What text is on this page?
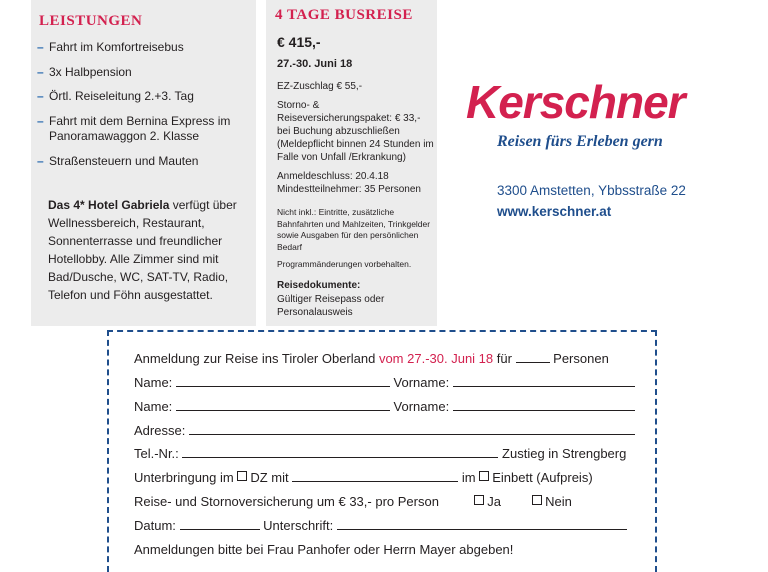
LEISTUNGEN
– Fahrt im Komfortreisebus
– 3x Halbpension
– Örtl. Reiseleitung 2.+3. Tag
– Fahrt mit dem Bernina Express im Panoramawaggon 2. Klasse
– Straßensteuern und Mauten

Das 4* Hotel Gabriela verfügt über Wellnessbereich, Restaurant, Sonnenterrasse und freundlicher Hotellobby. Alle Zimmer sind mit Bad/Dusche, WC, SAT-TV, Radio, Telefon und Föhn ausgestattet.

4 TAGE BUSREISE

€ 415,-

27.-30. Juni 18

EZ-Zuschlag € 55,-

Storno- & Reiseversicherungspaket: € 33,- bei Buchung abzuschließen (Meldepflicht binnen 24 Stunden im Falle von Unfall /Erkrankung)

Anmeldeschluss: 20.4.18
Mindestteilnehmer: 35 Personen

Nicht inkl.: Eintritte, zusätzliche Bahnfahrten und Mahlzeiten, Trinkgelder sowie Ausgaben für den persönlichen Bedarf

Programmänderungen vorbehalten.

Reisedokumente:

Gültiger Reisepass oder Personalausweis

Kerschner

Reisen fürs Erleben gern

3300 Amstetten, Ybbsstraße 22

www.kerschner.at

Anmeldung zur Reise ins Tiroler Oberland vom 27.-30. Juni 18 für	Personen

Name:	Vorname:

Name:	Vorname:

Adresse:

Tel.-Nr.:	Zustieg in Strengberg

Unterbringung im DZ mit	im Einbett (Aufpreis)

Reise- und Stornoversicherung um € 33,- pro Person	Ja	Nein

Datum:	Unterschrift:

Anmeldungen bitte bei Frau Panhofer oder Herrn Mayer abgeben!
